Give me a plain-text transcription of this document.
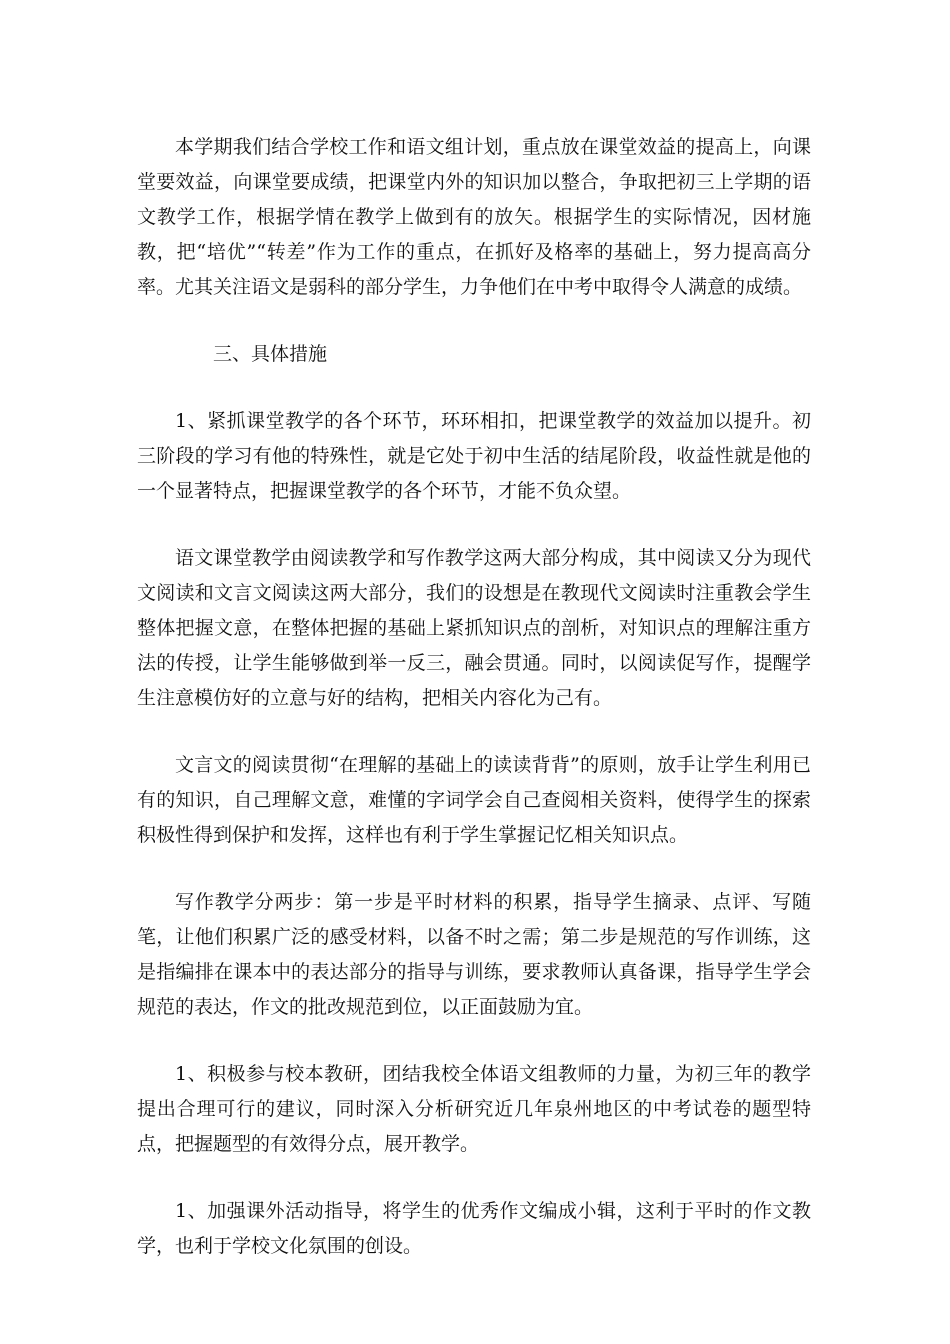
本学期我们结合学校工作和语文组计划，重点放在课堂效益的提高上，向课堂要效益，向课堂要成绩，把课堂内外的知识加以整合，争取把初三上学期的语文教学工作，根据学情在教学上做到有的放矢。根据学生的实际情况，因材施教，把“培优”“转差”作为工作的重点，在抓好及格率的基础上，努力提高高分率。尤其关注语文是弱科的部分学生，力争他们在中考中取得令人满意的成绩。

三、具体措施

1、紧抓课堂教学的各个环节，环环相扣，把课堂教学的效益加以提升。初三阶段的学习有他的特殊性，就是它处于初中生活的结尾阶段，收益性就是他的一个显著特点，把握课堂教学的各个环节，才能不负众望。

语文课堂教学由阅读教学和写作教学这两大部分构成，其中阅读又分为现代文阅读和文言文阅读这两大部分，我们的设想是在教现代文阅读时注重教会学生整体把握文意，在整体把握的基础上紧抓知识点的剖析，对知识点的理解注重方法的传授，让学生能够做到举一反三，融会贯通。同时，以阅读促写作，提醒学生注意模仿好的立意与好的结构，把相关内容化为己有。

文言文的阅读贯彻“在理解的基础上的读读背背”的原则，放手让学生利用已有的知识，自己理解文意，难懂的字词学会自己查阅相关资料，使得学生的探索积极性得到保护和发挥，这样也有利于学生掌握记忆相关知识点。

写作教学分两步：第一步是平时材料的积累，指导学生摘录、点评、写随笔，让他们积累广泛的感受材料，以备不时之需；第二步是规范的写作训练，这是指编排在课本中的表达部分的指导与训练，要求教师认真备课，指导学生学会规范的表达，作文的批改规范到位，以正面鼓励为宜。

1、积极参与校本教研，团结我校全体语文组教师的力量，为初三年的教学提出合理可行的建议，同时深入分析研究近几年泉州地区的中考试卷的题型特点，把握题型的有效得分点，展开教学。

1、加强课外活动指导，将学生的优秀作文编成小辑，这利于平时的作文教学，也利于学校文化氛围的创设。
